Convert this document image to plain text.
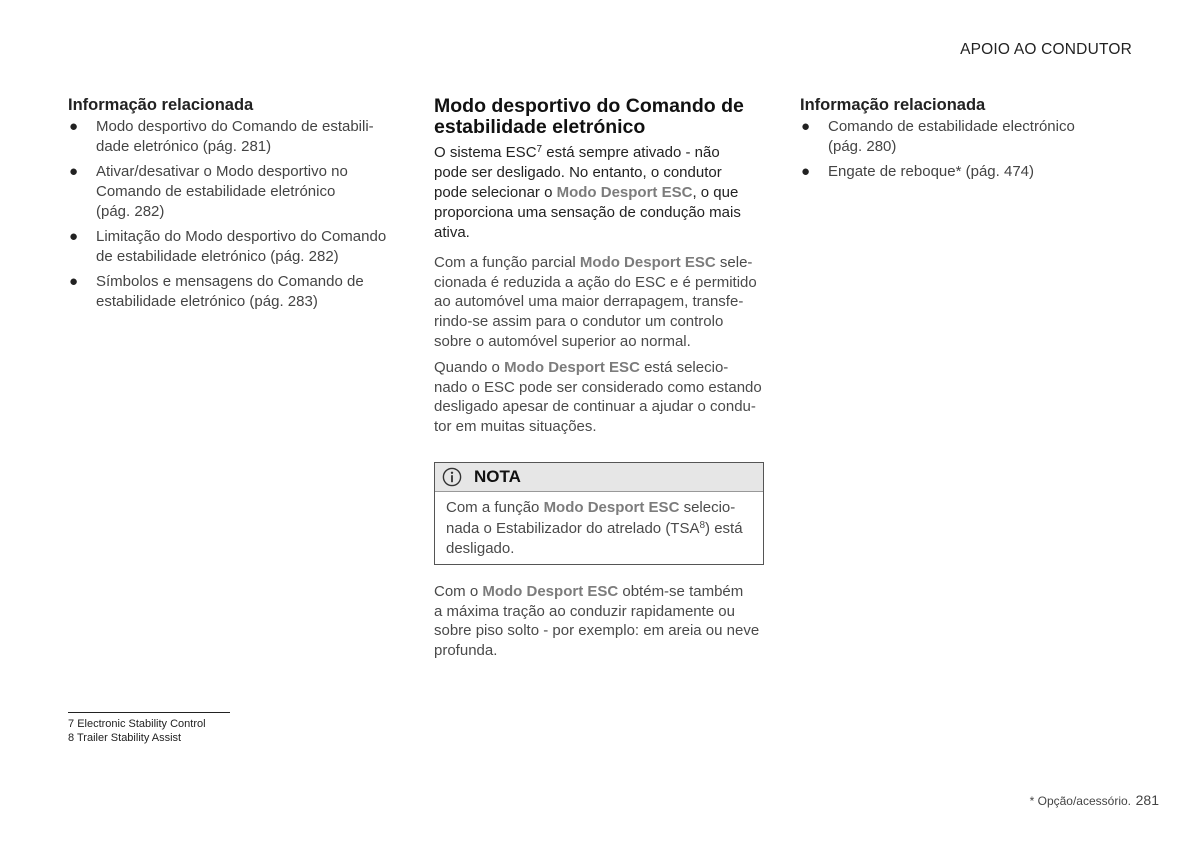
APOIO AO CONDUTOR
Informação relacionada
● Modo desportivo do Comando de estabili-
dade eletrónico (pág. 281)
● Ativar/desativar o Modo desportivo no
Comando de estabilidade eletrónico
(pág. 282)
● Limitação do Modo desportivo do Comando
de estabilidade eletrónico (pág. 282)
● Símbolos e mensagens do Comando de
estabilidade eletrónico (pág. 283)
Modo desportivo do Comando de estabilidade eletrónico

O sistema ESC$^7$ está sempre ativado - não pode ser desligado. No entanto, o condutor pode selecionar o Modo Desport ESC, o que proporciona uma sensação de condução mais ativa.

Com a função parcial Modo Desport ESC sele-
cionada é reduzida a ação do ESC e é permitido
ao automóvel uma maior derrapagem, transfe-
rindo-se assim para o condutor um controlo
sobre o automóvel superior ao normal.

Quando o Modo Desport ESC está selecio-
nado o ESC pode ser considerado como estando
desligado apesar de continuar a ajudar o condu-
tor em muitas situações.

NOTA
Com a função Modo Desport ESC selecio-
nada o Estabilizador do atrelado (TSA$^8$) está
desligado.

Com o Modo Desport ESC obtém-se também
a máxima tração ao conduzir rapidamente ou
sobre piso solto - por exemplo: em areia ou neve
profunda.

Informação relacionada
● Comando de estabilidade electrónico
(pág. 280)
● Engate de reboque* (pág. 474)
7 Electronic Stability Control
8 Trailer Stability Assist
* Opção/acessório. 281
